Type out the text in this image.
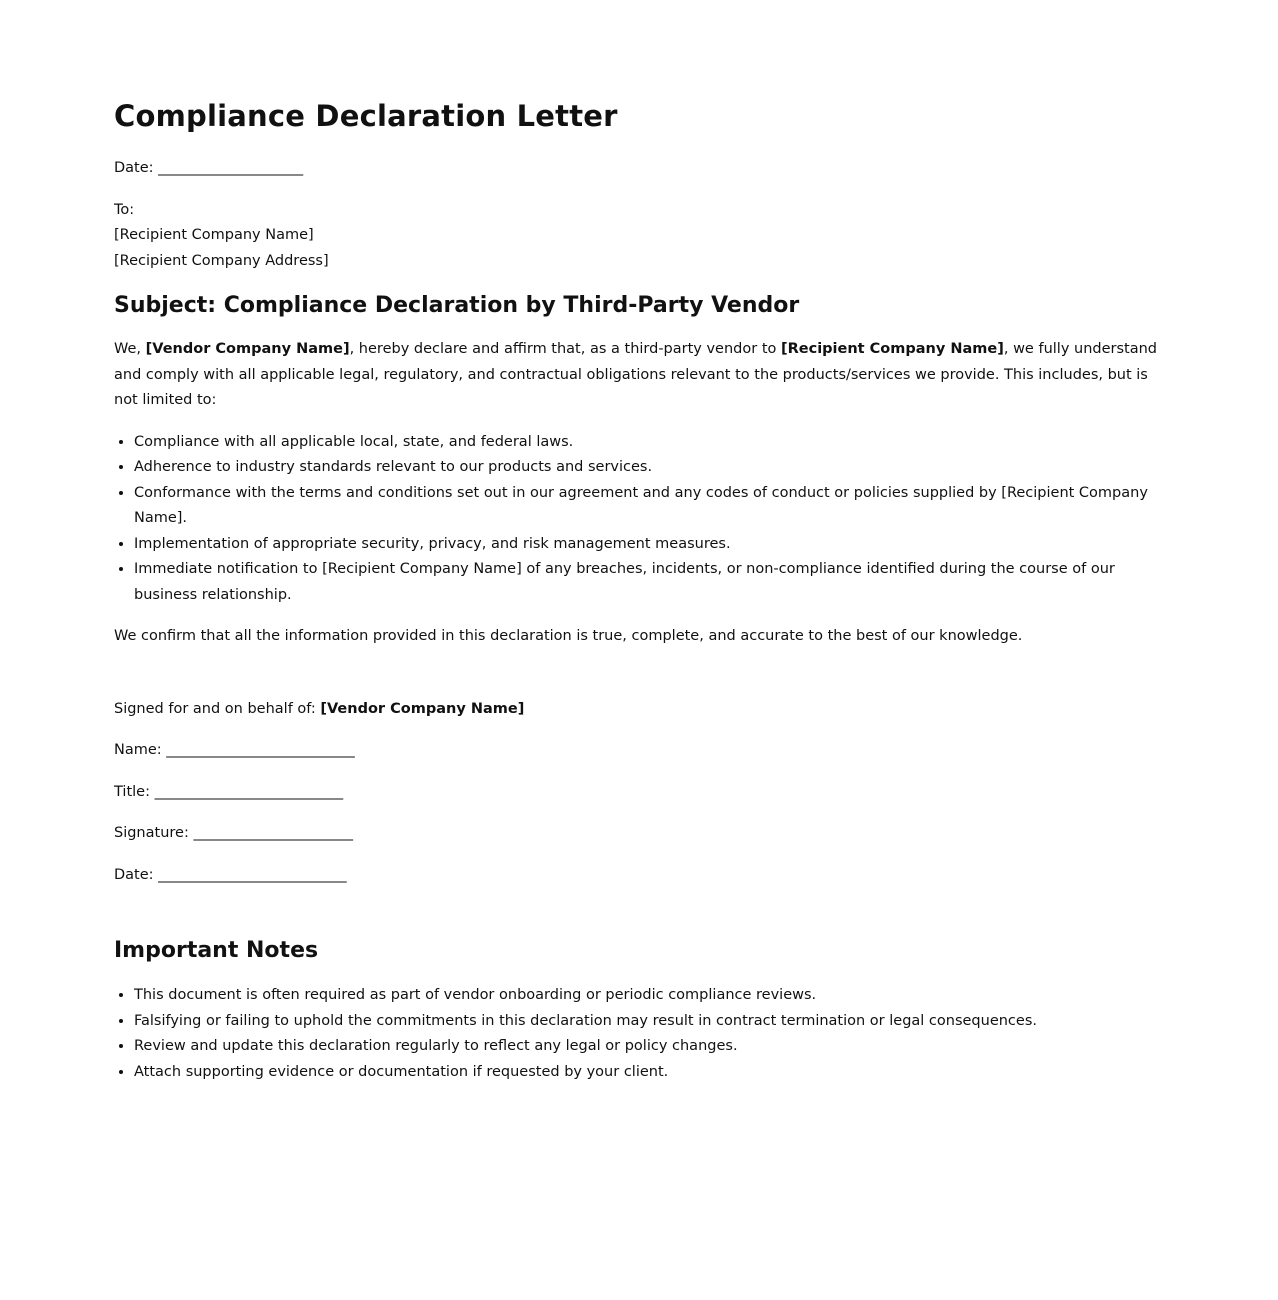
Compliance Declaration Letter

Date: ____________________

To:

[Recipient Company Name]

[Recipient Company Address]

Subject: Compliance Declaration by Third-Party Vendor

We, [Vendor Company Name], hereby declare and affirm that, as a third-party vendor to [Recipient Company Name], we fully understand and comply with all applicable legal, regulatory, and contractual obligations relevant to the products/services we provide. This includes, but is not limited to:

• Compliance with all applicable local, state, and federal laws.
• Adherence to industry standards relevant to our products and services.
• Conformance with the terms and conditions set out in our agreement and any codes of conduct or policies supplied by [Recipient Company Name].
• Implementation of appropriate security, privacy, and risk management measures.
• Immediate notification to [Recipient Company Name] of any breaches, incidents, or non-compliance identified during the course of our business relationship.

We confirm that all the information provided in this declaration is true, complete, and accurate to the best of our knowledge.

Signed for and on behalf of: [Vendor Company Name]

Name: __________________________

Title: __________________________

Signature: ______________________

Date: __________________________

Important Notes
• This document is often required as part of vendor onboarding or periodic compliance reviews.
• Falsifying or failing to uphold the commitments in this declaration may result in contract termination or legal consequences.
• Review and update this declaration regularly to reflect any legal or policy changes.
• Attach supporting evidence or documentation if requested by your client.
